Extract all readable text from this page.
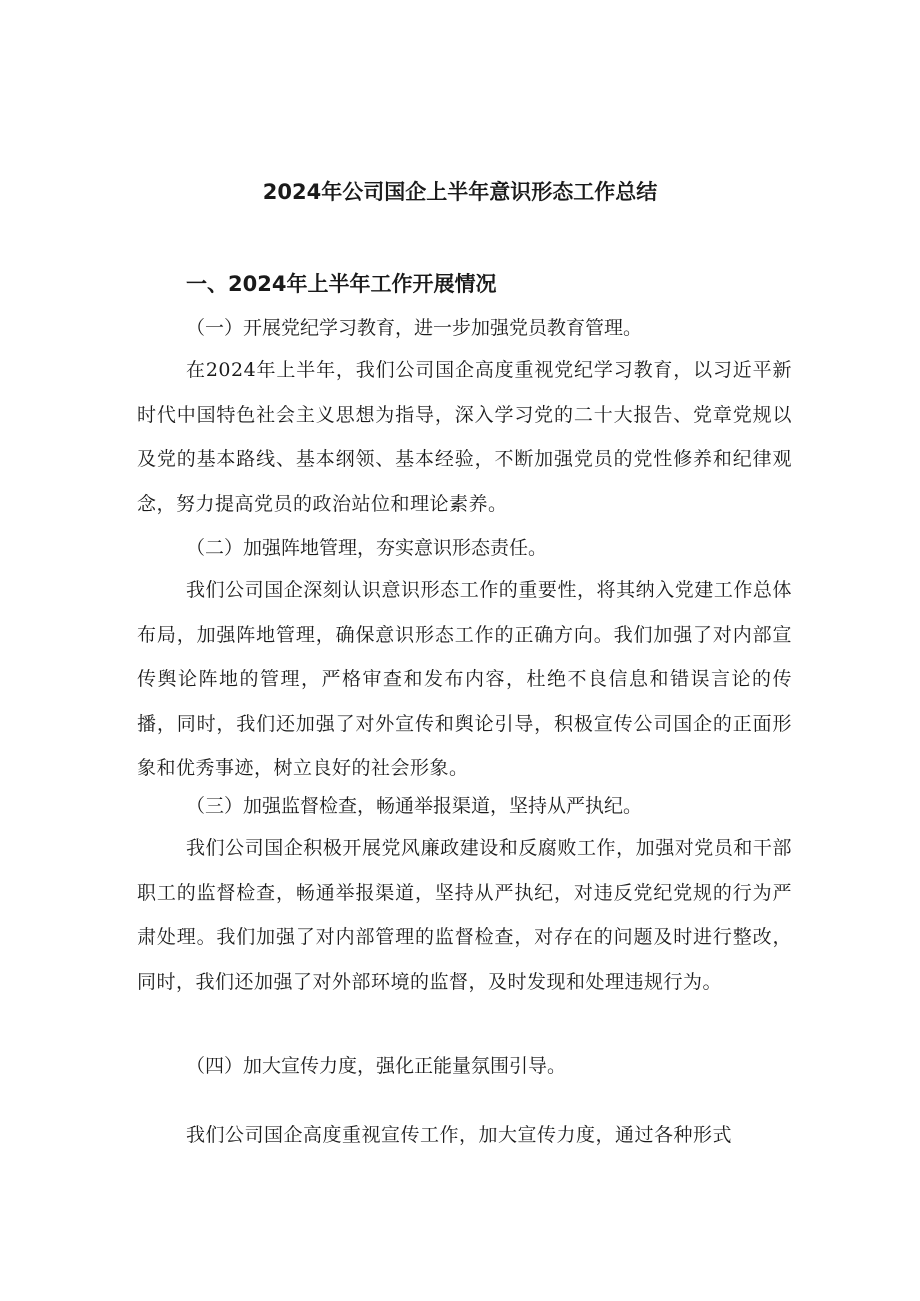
2024年公司国企上半年意识形态工作总结
一、2024年上半年工作开展情况
（一）开展党纪学习教育，进一步加强党员教育管理。

在2024年上半年，我们公司国企高度重视党纪学习教育，以习近平新时代中国特色社会主义思想为指导，深入学习党的二十大报告、党章党规以及党的基本路线、基本纲领、基本经验，不断加强党员的党性修养和纪律观念，努力提高党员的政治站位和理论素养。

（二）加强阵地管理，夯实意识形态责任。

我们公司国企深刻认识意识形态工作的重要性，将其纳入党建工作总体布局，加强阵地管理，确保意识形态工作的正确方向。我们加强了对内部宣传舆论阵地的管理，严格审查和发布内容，杜绝不良信息和错误言论的传播，同时，我们还加强了对外宣传和舆论引导，积极宣传公司国企的正面形象和优秀事迹，树立良好的社会形象。

（三）加强监督检查，畅通举报渠道，坚持从严执纪。

我们公司国企积极开展党风廉政建设和反腐败工作，加强对党员和干部职工的监督检查，畅通举报渠道，坚持从严执纪，对违反党纪党规的行为严肃处理。我们加强了对内部管理的监督检查，对存在的问题及时进行整改，同时，我们还加强了对外部环境的监督，及时发现和处理违规行为。

（四）加大宣传力度，强化正能量氛围引导。

我们公司国企高度重视宣传工作，加大宣传力度，通过各种形式
